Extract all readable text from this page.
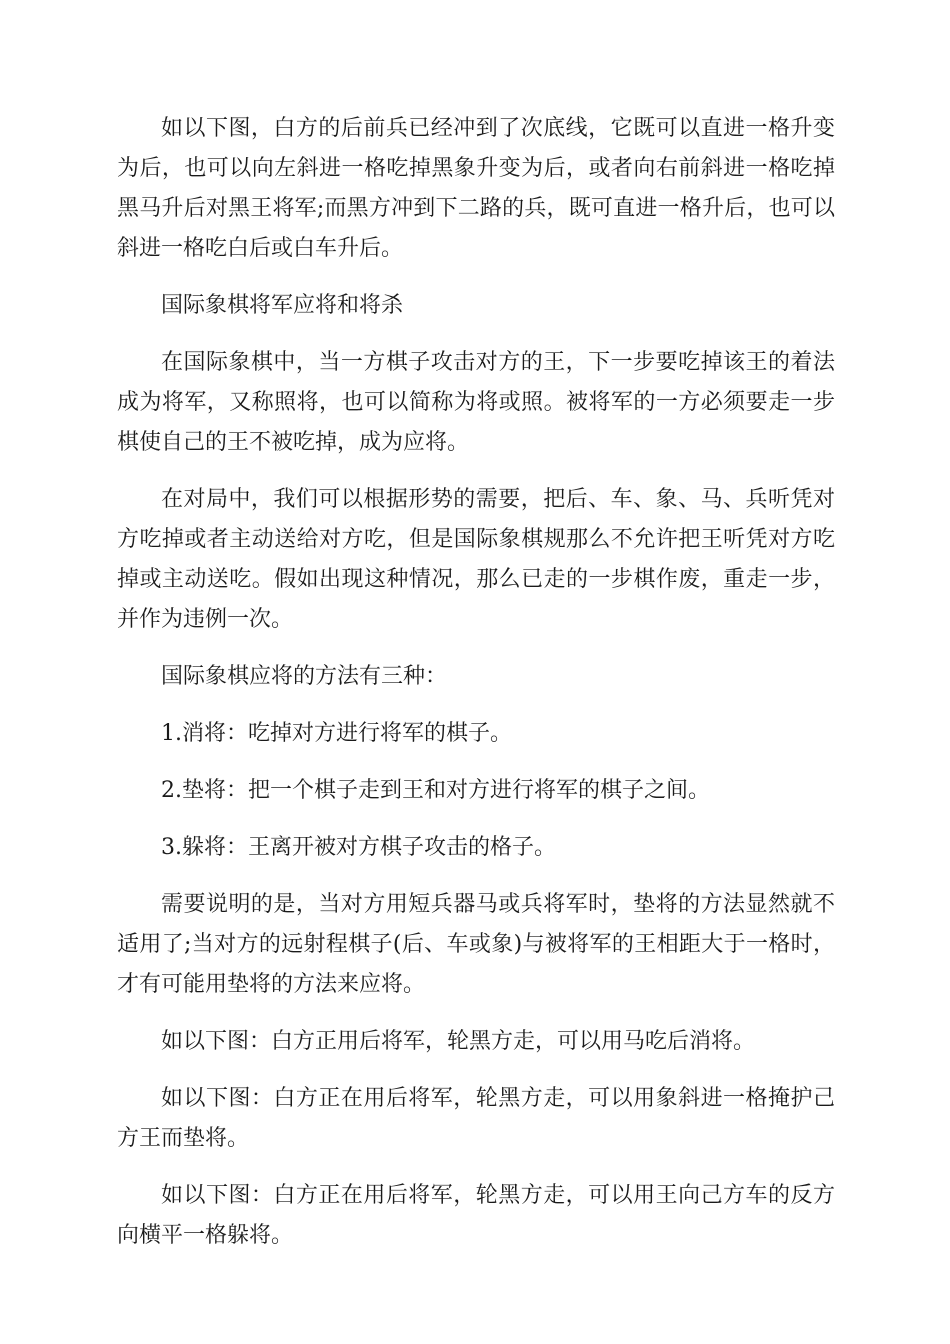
如以下图，白方的后前兵已经冲到了次底线，它既可以直进一格升变为后，也可以向左斜进一格吃掉黑象升变为后，或者向右前斜进一格吃掉黑马升后对黑王将军;而黑方冲到下二路的兵，既可直进一格升后，也可以斜进一格吃白后或白车升后。

国际象棋将军应将和将杀

在国际象棋中，当一方棋子攻击对方的王，下一步要吃掉该王的着法成为将军，又称照将，也可以简称为将或照。被将军的一方必须要走一步棋使自己的王不被吃掉，成为应将。

在对局中，我们可以根据形势的需要，把后、车、象、马、兵听凭对方吃掉或者主动送给对方吃，但是国际象棋规那么不允许把王听凭对方吃掉或主动送吃。假如出现这种情况，那么已走的一步棋作废，重走一步，并作为违例一次。

国际象棋应将的方法有三种：

1.消将：吃掉对方进行将军的棋子。

2.垫将：把一个棋子走到王和对方进行将军的棋子之间。

3.躲将：王离开被对方棋子攻击的格子。

需要说明的是，当对方用短兵器马或兵将军时，垫将的方法显然就不适用了;当对方的远射程棋子(后、车或象)与被将军的王相距大于一格时，才有可能用垫将的方法来应将。

如以下图：白方正用后将军，轮黑方走，可以用马吃后消将。

如以下图：白方正在用后将军，轮黑方走，可以用象斜进一格掩护己方王而垫将。

如以下图：白方正在用后将军，轮黑方走，可以用王向己方车的反方向横平一格躲将。
